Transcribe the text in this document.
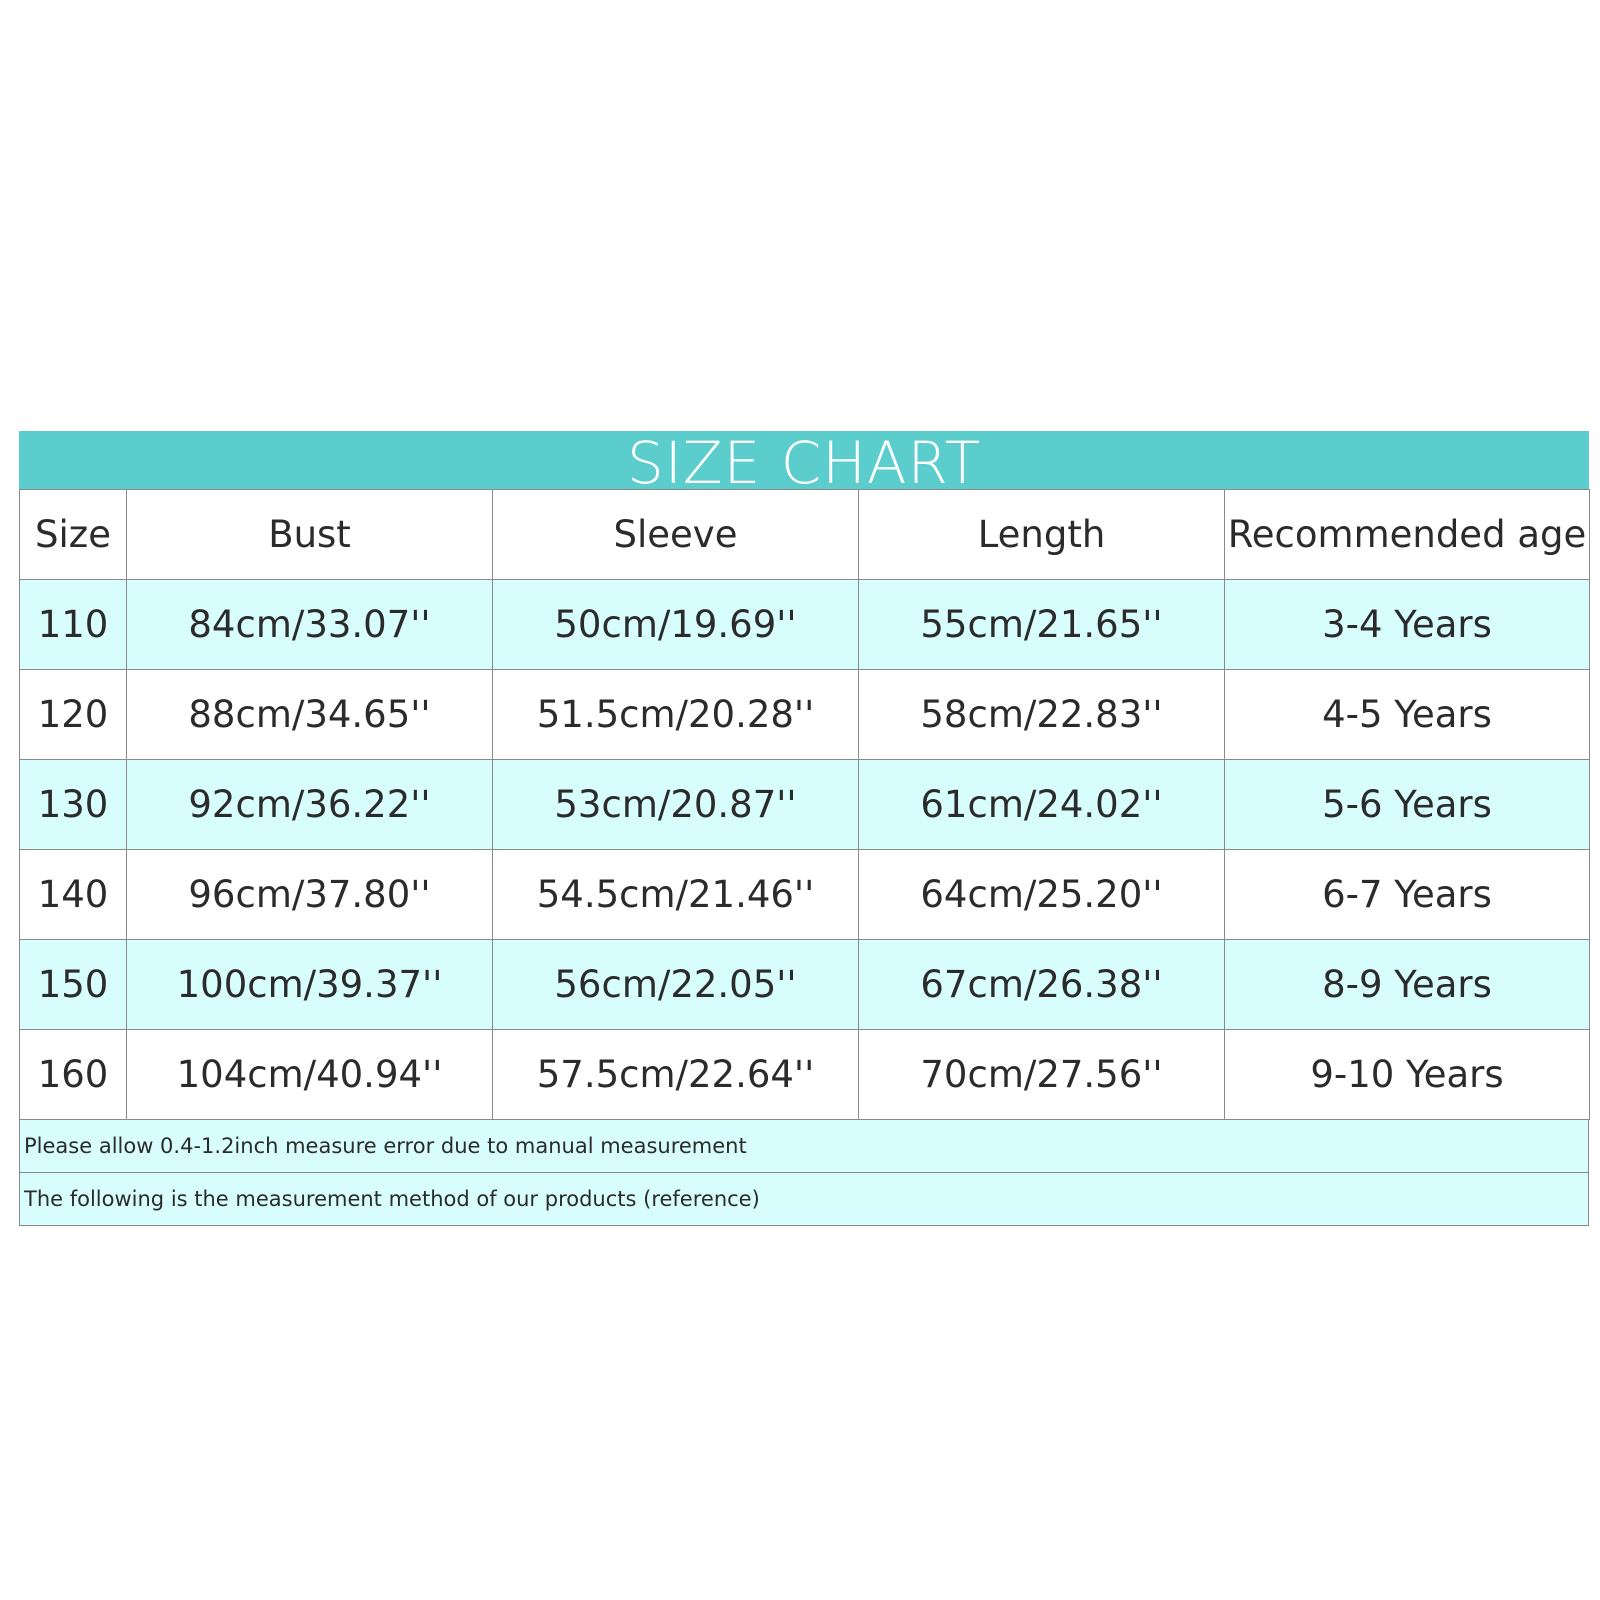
SIZE CHART
Size	Bust	Sleeve	Length	Recommended age
110	84cm/33.07''	50cm/19.69''	55cm/21.65''	3-4 Years
120	88cm/34.65''	51.5cm/20.28''	58cm/22.83''	4-5 Years
130	92cm/36.22''	53cm/20.87''	61cm/24.02''	5-6 Years
140	96cm/37.80''	54.5cm/21.46''	64cm/25.20''	6-7 Years
150	100cm/39.37''	56cm/22.05''	67cm/26.38''	8-9 Years
160	104cm/40.94''	57.5cm/22.64''	70cm/27.56''	9-10 Years
Please allow 0.4-1.2inch measure error due to manual measurement
The following is the measurement method of our products (reference)
